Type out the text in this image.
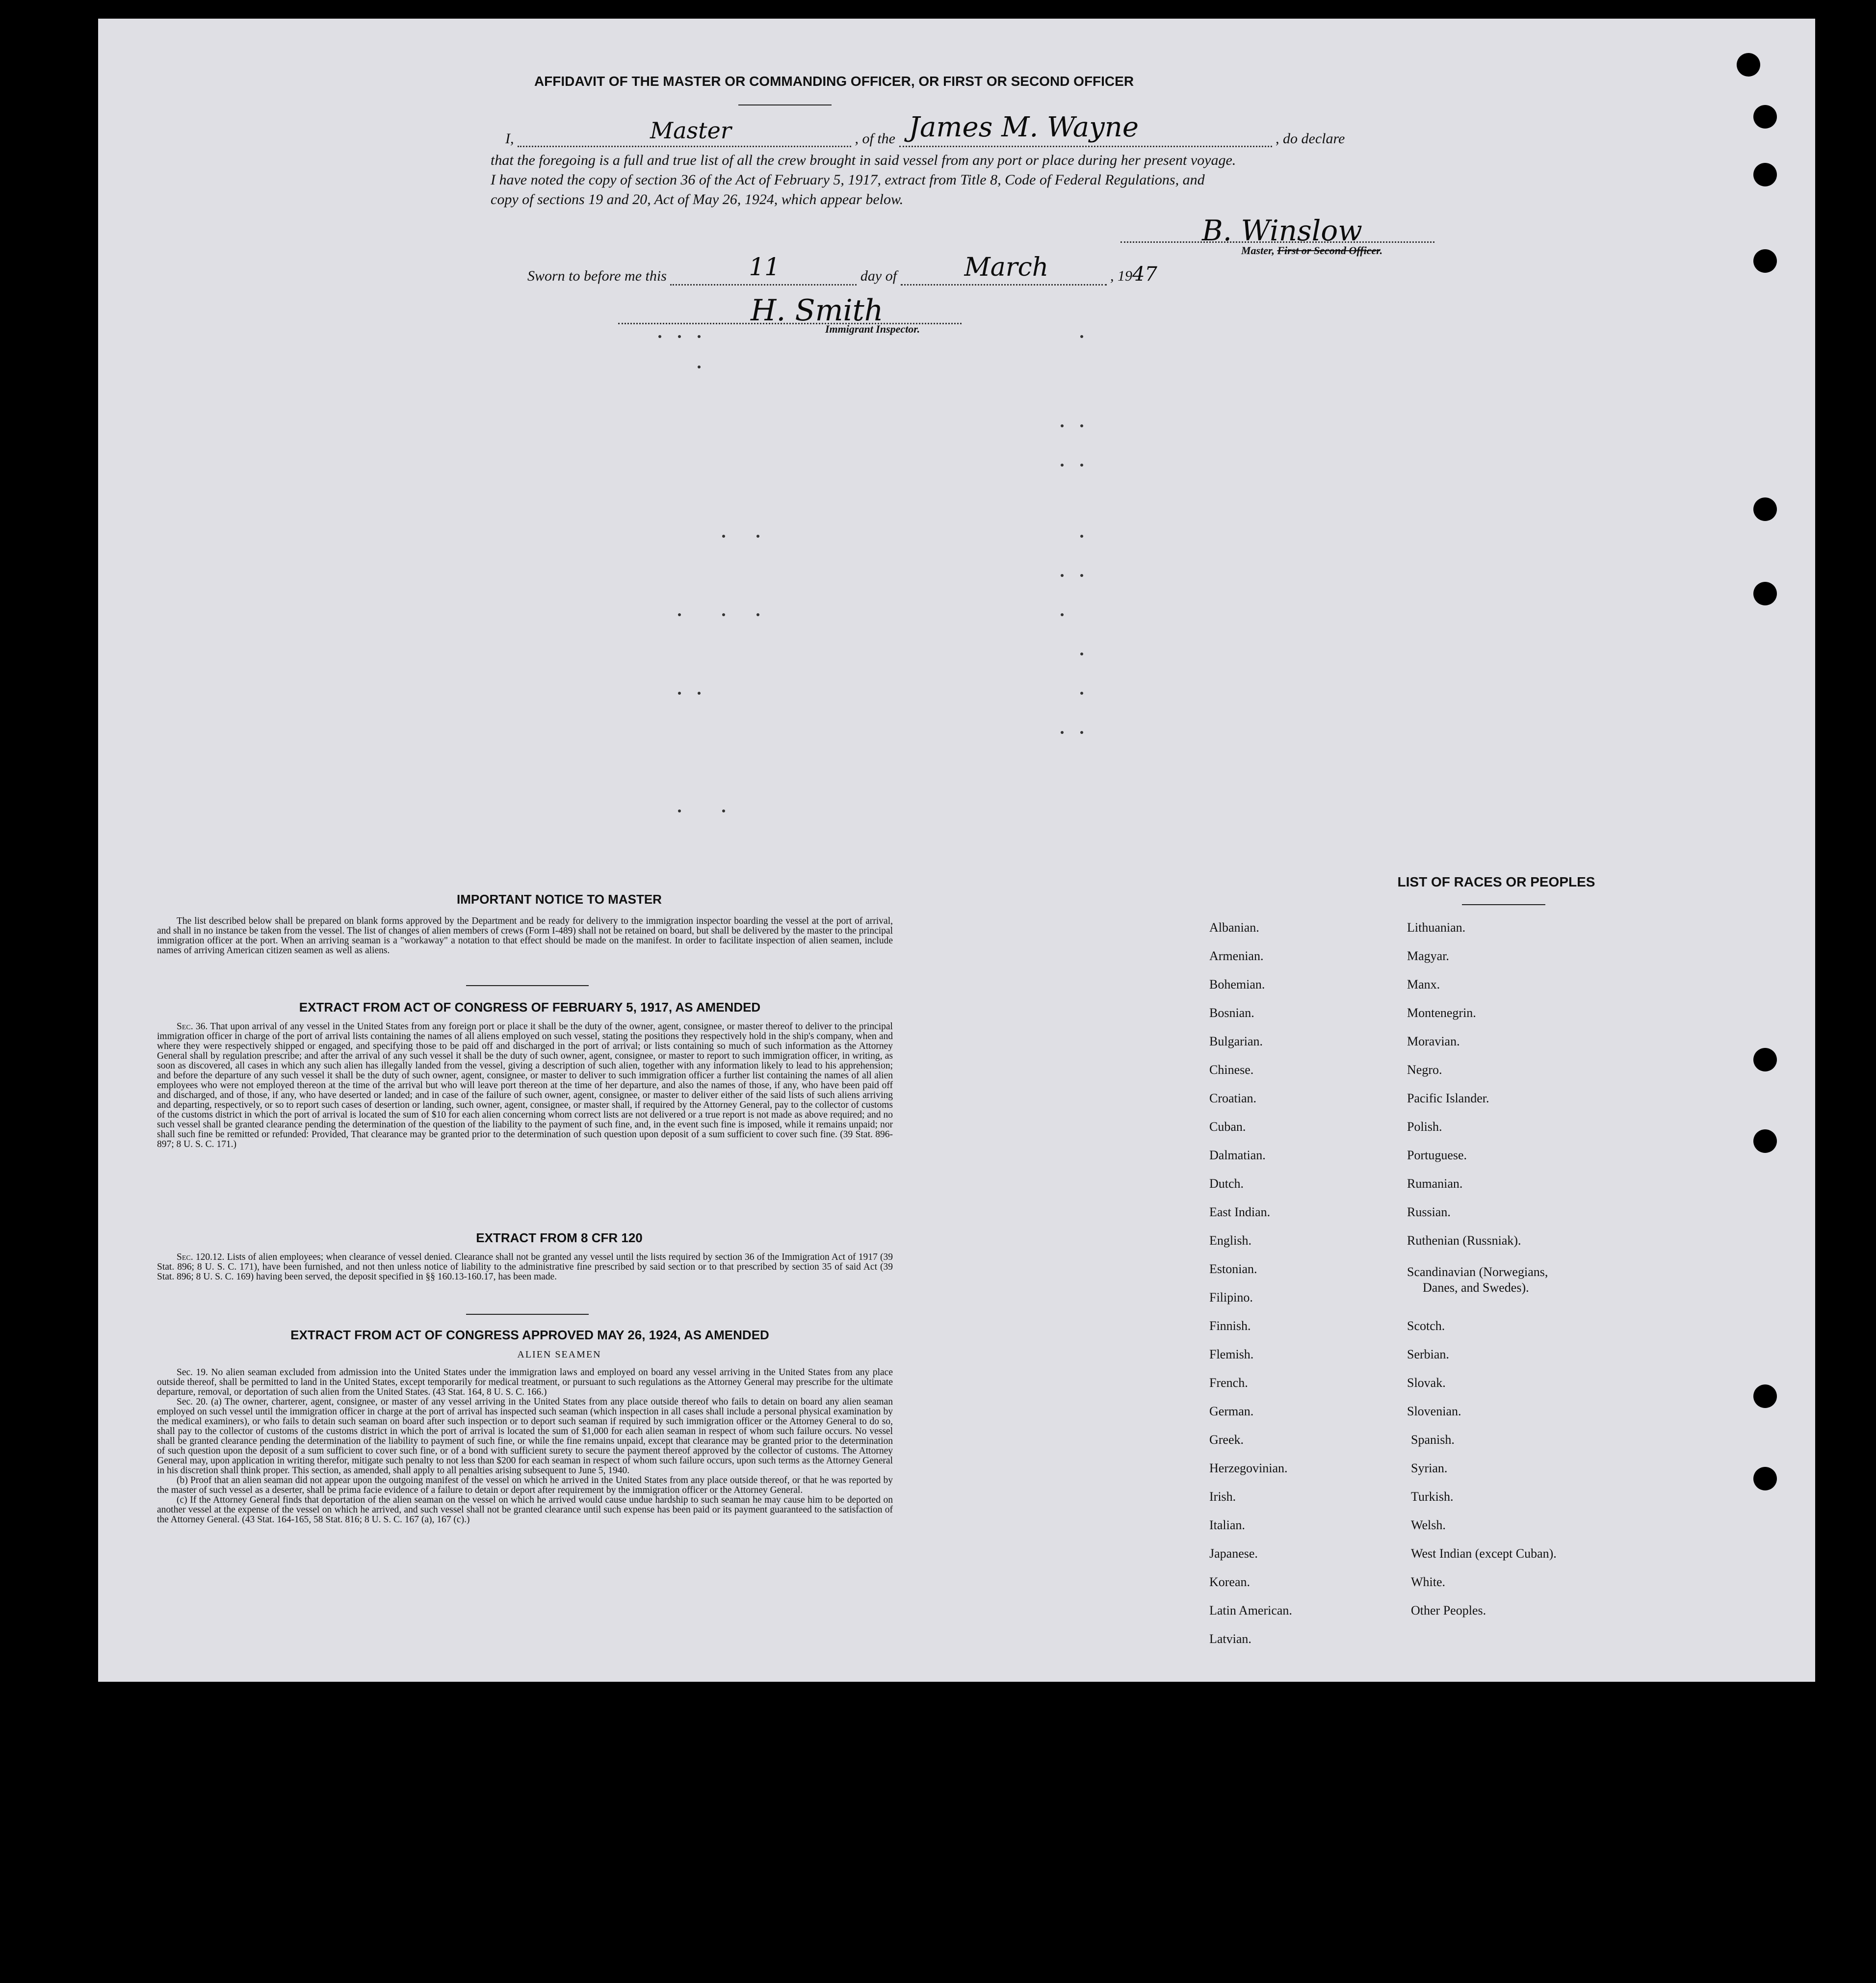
AFFIDAVIT OF THE MASTER OR COMMANDING OFFICER, OR FIRST OR SECOND OFFICER
I,	Master	, of the James M. Wayne	, do declare
that the foregoing is a full and true list of all the crew brought in said vessel from any port or place during her present voyage.
I have noted the copy of section 36 of the Act of February 5, 1917, extract from Title 8, Code of Federal Regulations, and
copy of sections 19 and 20, Act of May 26, 1924, which appear below.
B. Winslow
Master, First or Second Officer.
Sworn to before me this	11	day of	March	, 1947
H. Smith
Immigrant Inspector.
IMPORTANT NOTICE TO MASTER

The list described below shall be prepared on blank forms approved by the Department and be ready for delivery to the immigration inspector boarding the vessel at the port of arrival, and shall in no instance be taken from the vessel. The list of changes of alien members of crews (Form I-489) shall not be retained on board, but shall be delivered by the master to the principal immigration officer at the port. When an arriving seaman is a "workaway" a notation to that effect should be made on the manifest. In order to facilitate inspection of alien seamen, include names of arriving American citizen seamen as well as aliens.

EXTRACT FROM ACT OF CONGRESS OF FEBRUARY 5, 1917, AS AMENDED

Sec. 36. That upon arrival of any vessel in the United States from any foreign port or place it shall be the duty of the owner, agent, consignee, or master thereof to deliver to the principal immigration officer in charge of the port of arrival lists containing the names of all aliens employed on such vessel, stating the positions they respectively hold in the ship's company, when and where they were respectively shipped or engaged, and specifying those to be paid off and discharged in the port of arrival; or lists containing so much of such information as the Attorney General shall by regulation prescribe; and after the arrival of any such vessel it shall be the duty of such owner, agent, consignee, or master to report to such immigration officer, in writing, as soon as discovered, all cases in which any such alien has illegally landed from the vessel, giving a description of such alien, together with any information likely to lead to his apprehension; and before the departure of any such vessel it shall be the duty of such owner, agent, consignee, or master to deliver to such immigration officer a further list containing the names of all alien employees who were not employed thereon at the time of the arrival but who will leave port thereon at the time of her departure, and also the names of those, if any, who have been paid off and discharged, and of those, if any, who have deserted or landed; and in case of the failure of such owner, agent, consignee, or master to deliver either of the said lists of such aliens arriving and departing, respectively, or so to report such cases of desertion or landing, such owner, agent, consignee, or master shall, if required by the Attorney General, pay to the collector of customs of the customs district in which the port of arrival is located the sum of $10 for each alien concerning whom correct lists are not delivered or a true report is not made as above required; and no such vessel shall be granted clearance pending the determination of the question of the liability to the payment of such fine, and, in the event such fine is imposed, while it remains unpaid; nor shall such fine be remitted or refunded: Provided, That clearance may be granted prior to the determination of such question upon deposit of a sum sufficient to cover such fine. (39 Stat. 896-897; 8 U. S. C. 171.)

EXTRACT FROM 8 CFR 120

Sec. 120.12. Lists of alien employees; when clearance of vessel denied. Clearance shall not be granted any vessel until the lists required by section 36 of the Immigration Act of 1917 (39 Stat. 896; 8 U. S. C. 171), have been furnished, and not then unless notice of liability to the administrative fine prescribed by said section or to that prescribed by section 35 of said Act (39 Stat. 896; 8 U. S. C. 169) having been served, the deposit specified in §§ 160.13-160.17, has been made.

EXTRACT FROM ACT OF CONGRESS APPROVED MAY 26, 1924, AS AMENDED
ALIEN SEAMEN

Sec. 19. No alien seaman excluded from admission into the United States under the immigration laws and employed on board any vessel arriving in the United States from any place outside thereof, shall be permitted to land in the United States, except temporarily for medical treatment, or pursuant to such regulations as the Attorney General may prescribe for the ultimate departure, removal, or deportation of such alien from the United States. (43 Stat. 164, 8 U. S. C. 166.)

Sec. 20. (a) The owner, charterer, agent, consignee, or master of any vessel arriving in the United States from any place outside thereof who fails to detain on board any alien seaman employed on such vessel until the immigration officer in charge at the port of arrival has inspected such seaman (which inspection in all cases shall include a personal physical examination by the medical examiners), or who fails to detain such seaman on board after such inspection or to deport such seaman if required by such immigration officer or the Attorney General to do so, shall pay to the collector of customs of the customs district in which the port of arrival is located the sum of $1,000 for each alien seaman in respect of whom such failure occurs. No vessel shall be granted clearance pending the determination of the liability to payment of such fine, or while the fine remains unpaid, except that clearance may be granted prior to the determination of such question upon the deposit of a sum sufficient to cover such fine, or of a bond with sufficient surety to secure the payment thereof approved by the collector of customs. The Attorney General may, upon application in writing therefor, mitigate such penalty to not less than $200 for each seaman in respect of whom such failure occurs, upon such terms as the Attorney General in his discretion shall think proper. This section, as amended, shall apply to all penalties arising subsequent to June 5, 1940.

(b) Proof that an alien seaman did not appear upon the outgoing manifest of the vessel on which he arrived in the United States from any place outside thereof, or that he was reported by the master of such vessel as a deserter, shall be prima facie evidence of a failure to detain or deport after requirement by the immigration officer or the Attorney General.

(c) If the Attorney General finds that deportation of the alien seaman on the vessel on which he arrived would cause undue hardship to such seaman he may cause him to be deported on another vessel at the expense of the vessel on which he arrived, and such vessel shall not be granted clearance until such expense has been paid or its payment guaranteed to the satisfaction of the Attorney General. (43 Stat. 164-165, 58 Stat. 816; 8 U. S. C. 167 (a), 167 (c).)

LIST OF RACES OR PEOPLES
Albanian.
Armenian.
Bohemian.
Bosnian.
Bulgarian.
Chinese.
Croatian.
Cuban.
Dalmatian.
Dutch.
East Indian.
English.
Estonian.
Filipino.
Finnish.
Flemish.
French.
German.
Greek.
Herzegovinian.
Irish.
Italian.
Japanese.
Korean.
Latin American.
Latvian.
Lithuanian.
Magyar.
Manx.
Montenegrin.
Moravian.
Negro.
Pacific Islander.
Polish.
Portuguese.
Rumanian.
Russian.
Ruthenian (Russniak).
Scandinavian (Norwegians,
Danes, and Swedes).
Scotch.
Serbian.
Slovak.
Slovenian.
Spanish.
Syrian.
Turkish.
Welsh.
West Indian (except Cuban).
White.
Other Peoples.
